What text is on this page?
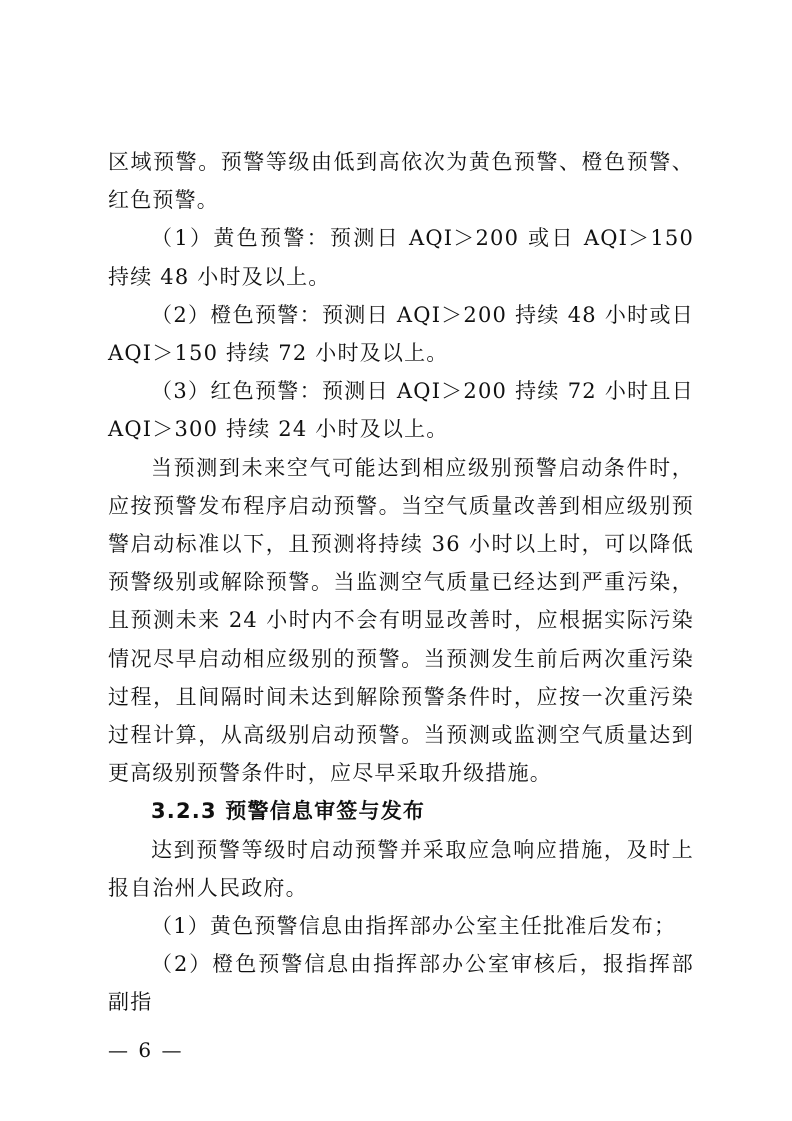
区域预警。预警等级由低到高依次为黄色预警、橙色预警、红色预警。

（1）黄色预警：预测日 AQI＞200 或日 AQI＞150 持续 48 小时及以上。

（2）橙色预警：预测日 AQI＞200 持续 48 小时或日 AQI＞150 持续 72 小时及以上。

（3）红色预警：预测日 AQI＞200 持续 72 小时且日 AQI＞300 持续 24 小时及以上。

当预测到未来空气可能达到相应级别预警启动条件时，应按预警发布程序启动预警。当空气质量改善到相应级别预警启动标准以下，且预测将持续 36 小时以上时，可以降低预警级别或解除预警。当监测空气质量已经达到严重污染，且预测未来 24 小时内不会有明显改善时，应根据实际污染情况尽早启动相应级别的预警。当预测发生前后两次重污染过程，且间隔时间未达到解除预警条件时，应按一次重污染过程计算，从高级别启动预警。当预测或监测空气质量达到更高级别预警条件时，应尽早采取升级措施。

3.2.3 预警信息审签与发布

达到预警等级时启动预警并采取应急响应措施，及时上报自治州人民政府。

（1）黄色预警信息由指挥部办公室主任批准后发布；

（2）橙色预警信息由指挥部办公室审核后，报指挥部副指

— 6 —
